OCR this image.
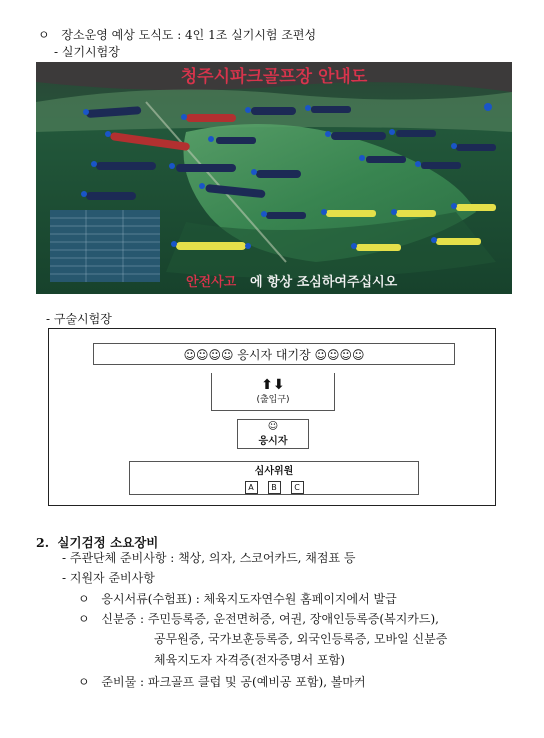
ㅇ 장소운영 예상 도식도 : 4인 1조 실기시험 조편성
- 실기시험장
청주시파크골프장 안내도
안전사고 에 항상 조심하여주십시오
- 구술시험장
☺☺☺☺ 응시자 대기장 ☺☺☺☺
⬆⬇
(출입구)
☺
응시자
심사위원
A	B	C
2. 실기검정 소요장비
- 주관단체 준비사항 : 책상, 의자, 스코어카드, 채점표 등
- 지원자 준비사항
ㅇ 응시서류(수험표) : 체육지도자연수원 홈페이지에서 발급
ㅇ 신분증 : 주민등록증, 운전면허증, 여권, 장애인등록증(복지카드),
공무원증, 국가보훈등록증, 외국인등록증, 모바일 신분증
체육지도자 자격증(전자증명서 포함)
ㅇ 준비물 : 파크골프 클럽 및 공(예비공 포함), 볼마커
